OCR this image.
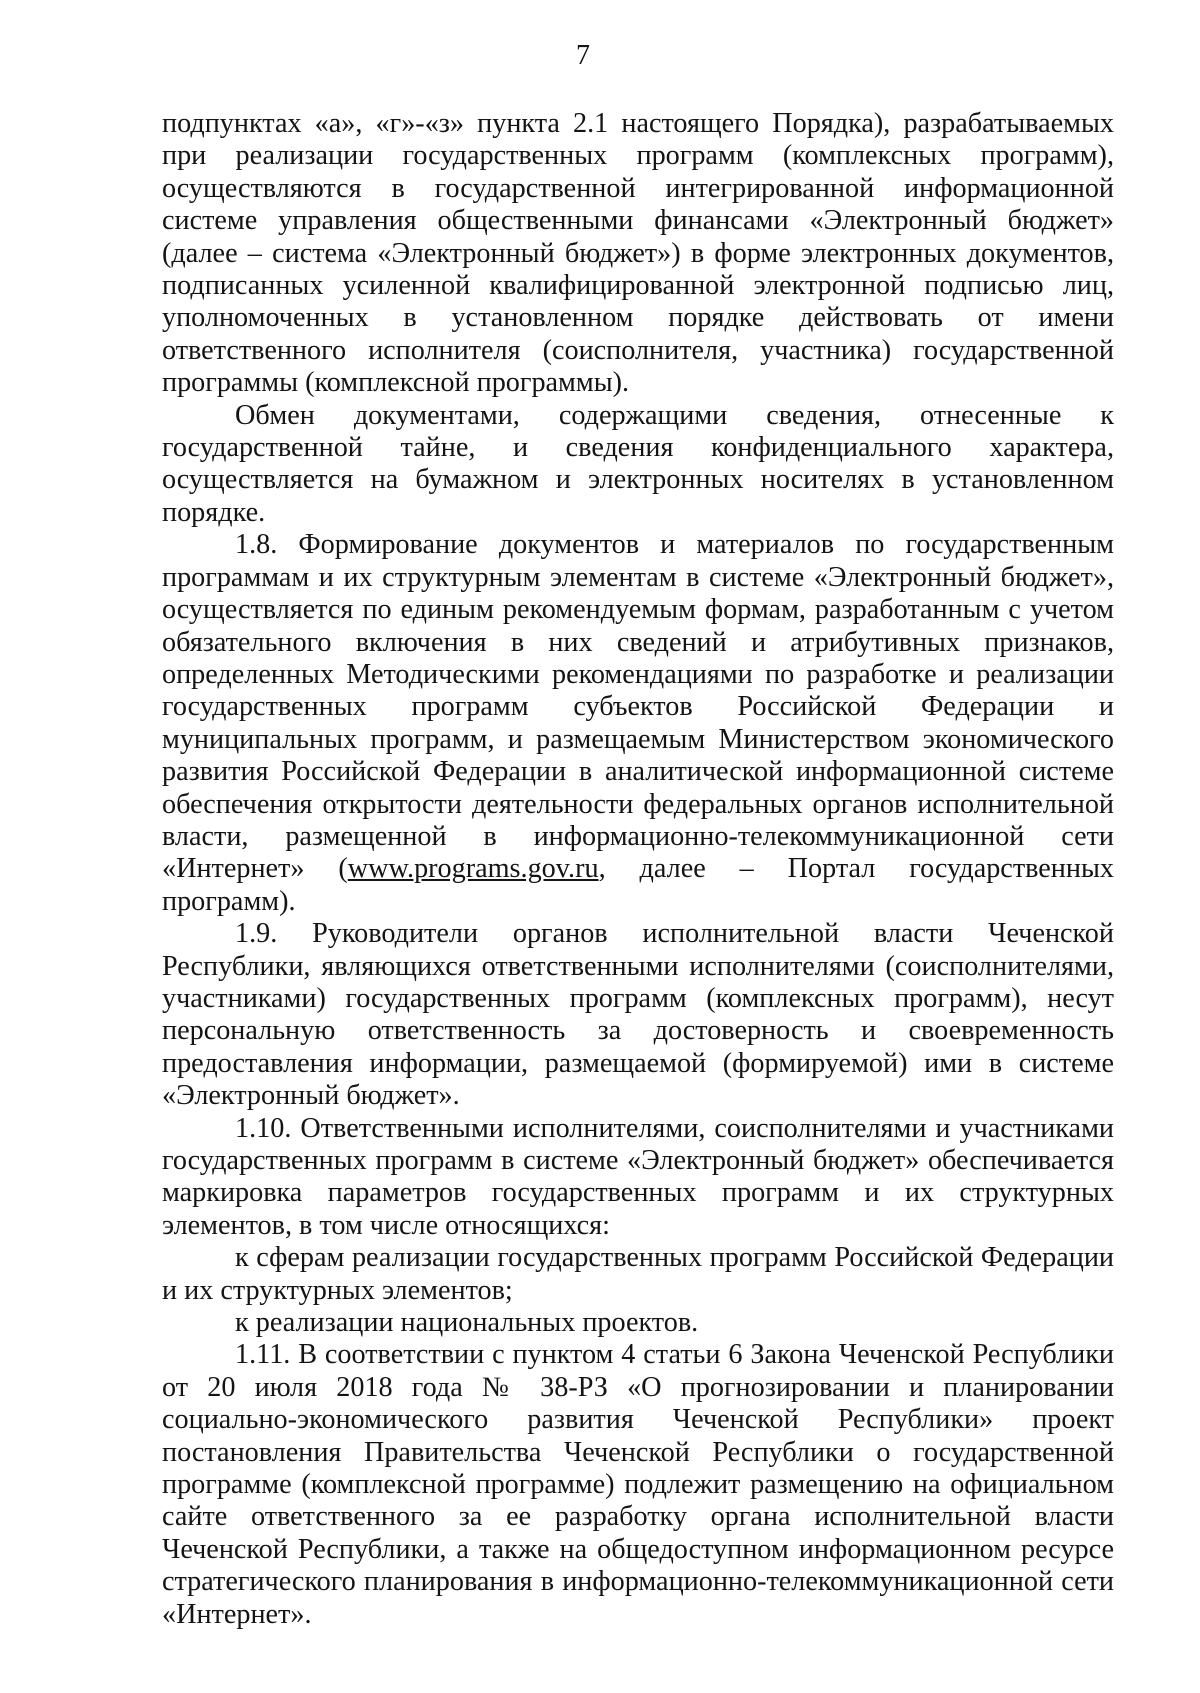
7

подпунктах «а», «г»-«з» пункта 2.1 настоящего Порядка), разрабатываемых при реализации государственных программ (комплексных программ), осуществляются в государственной интегрированной информационной системе управления общественными финансами «Электронный бюджет» (далее – система «Электронный бюджет») в форме электронных документов, подписанных усиленной квалифицированной электронной подписью лиц, уполномоченных в установленном порядке действовать от имени ответственного исполнителя (соисполнителя, участника) государственной программы (комплексной программы).

Обмен документами, содержащими сведения, отнесенные к государственной тайне, и сведения конфиденциального характера, осуществляется на бумажном и электронных носителях в установленном порядке.

1.8. Формирование документов и материалов по государственным программам и их структурным элементам в системе «Электронный бюджет», осуществляется по единым рекомендуемым формам, разработанным с учетом обязательного включения в них сведений и атрибутивных признаков, определенных Методическими рекомендациями по разработке и реализации государственных программ субъектов Российской Федерации и муниципальных программ, и размещаемым Министерством экономического развития Российской Федерации в аналитической информационной системе обеспечения открытости деятельности федеральных органов исполнительной власти, размещенной в информационно-телекоммуникационной сети «Интернет» (www.programs.gov.ru, далее – Портал государственных программ).

1.9. Руководители органов исполнительной власти Чеченской Республики, являющихся ответственными исполнителями (соисполнителями, участниками) государственных программ (комплексных программ), несут персональную ответственность за достоверность и своевременность предоставления информации, размещаемой (формируемой) ими в системе «Электронный бюджет».

1.10. Ответственными исполнителями, соисполнителями и участниками государственных программ в системе «Электронный бюджет» обеспечивается маркировка параметров государственных программ и их структурных элементов, в том числе относящихся:

к сферам реализации государственных программ Российской Федерации и их структурных элементов;

к реализации национальных проектов.

1.11. В соответствии с пунктом 4 статьи 6 Закона Чеченской Республики от 20 июля 2018 года № 38-РЗ «О прогнозировании и планировании социально-экономического развития Чеченской Республики» проект постановления Правительства Чеченской Республики о государственной программе (комплексной программе) подлежит размещению на официальном сайте ответственного за ее разработку органа исполнительной власти Чеченской Республики, а также на общедоступном информационном ресурсе стратегического планирования в информационно-телекоммуникационной сети «Интернет».
